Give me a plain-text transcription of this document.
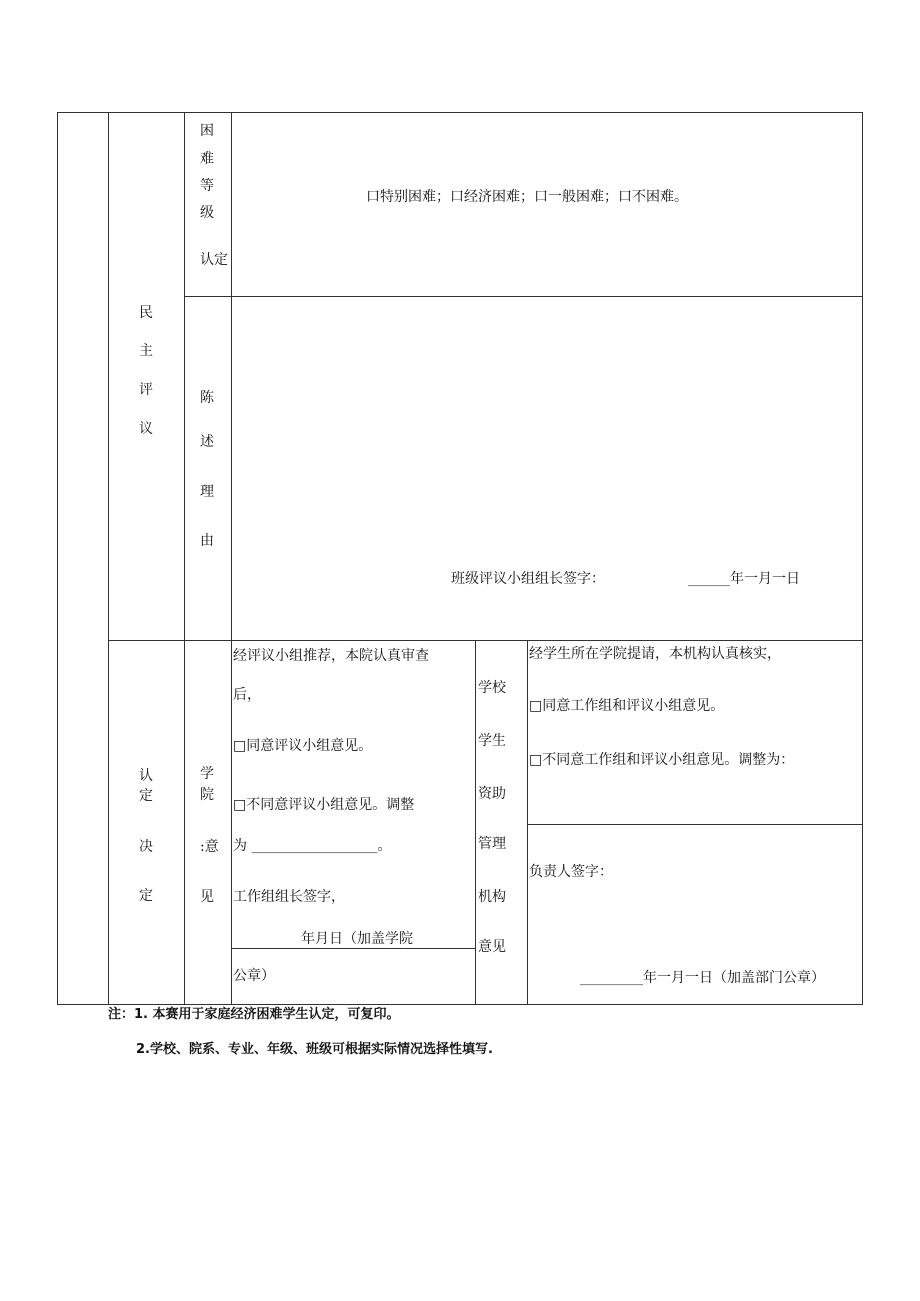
民
主
评
议
认
定
决
定
困
难
等
级
认定
口特别困难；口经济困难；口一般困难；口不困难。
陈
述
理
由
班级评议小组组长签字：	______年一月一日
学
院
:意
见
经评议小组推荐，本院认真审查
后，
□同意评议小组意见。
□不同意评议小组意见。调整
为 __________________。
工作组组长签字，
年月日（加盖学院
公章）
学校
学生
资助
管理
机构
意见
经学生所在学院提请，本机构认真核实，
□同意工作组和评议小组意见。
□不同意工作组和评议小组意见。调整为：
负责人签字：
_________年一月一日（加盖部门公章）
注：1. 本赛用于家庭经济困难学生认定，可复印。
2.学校、院系、专业、年级、班级可根据实际情况选择性填写.
